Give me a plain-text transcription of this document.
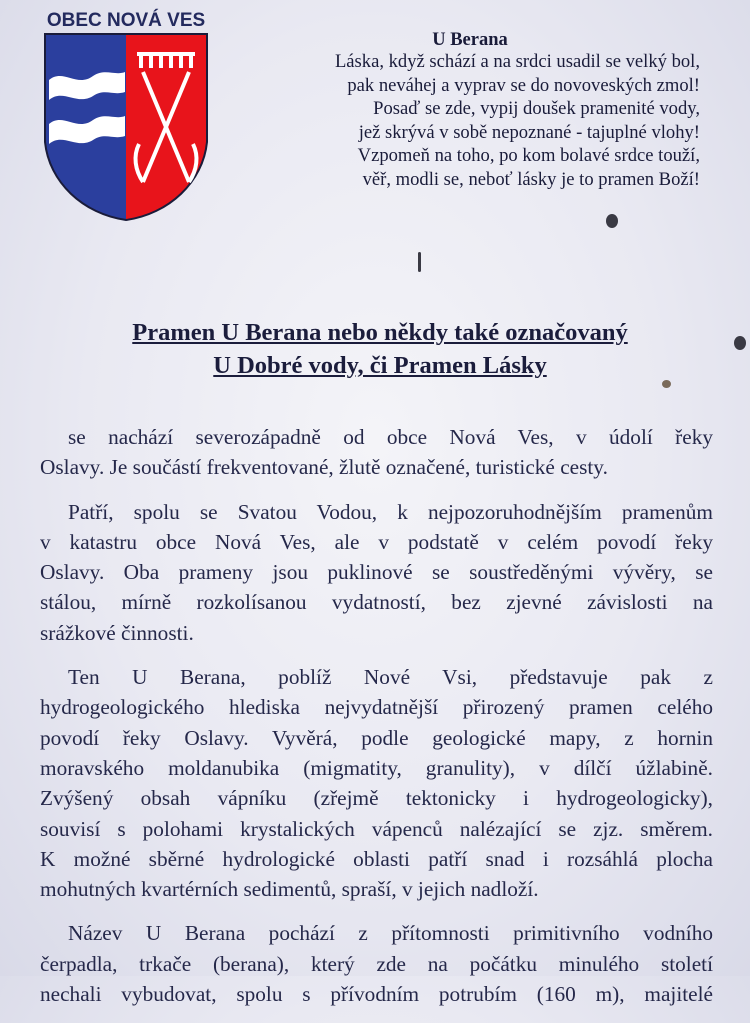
OBEC NOVÁ VES
U Berana
Láska, když schází a na srdci usadil se velký bol,
pak neváhej a vyprav se do novoveských zmol!
Posaď se zde, vypij doušek pramenité vody,
jež skrývá v sobě nepoznané - tajuplné vlohy!
Vzpomeň na toho, po kom bolavé srdce touží,
věř, modli se, neboť lásky je to pramen Boží!
Pramen U Berana nebo někdy také označovaný
U Dobré vody, či Pramen Lásky
se nachází severozápadně od obce Nová Ves, v údolí řeky
Oslavy. Je součástí frekventované, žlutě označené, turistické cesty.
Patří, spolu se Svatou Vodou, k nejpozoruhodnějším pramenům
v katastru obce Nová Ves, ale v podstatě v celém povodí řeky
Oslavy. Oba prameny jsou puklinové se soustředěnými vývěry, se
stálou, mírně rozkolísanou vydatností, bez zjevné závislosti na
srážkové činnosti.
Ten U Berana, poblíž Nové Vsi, představuje pak z
hydrogeologického hlediska nejvydatnější přirozený pramen celého
povodí řeky Oslavy. Vyvěrá, podle geologické mapy, z hornin
moravského moldanubika (migmatity, granulity), v dílčí úžlabině.
Zvýšený obsah vápníku (zřejmě tektonicky i hydrogeologicky),
souvisí s polohami krystalických vápenců nalézající se zjz. směrem.
K možné sběrné hydrologické oblasti patří snad i rozsáhlá plocha
mohutných kvartérních sedimentů, spraší, v jejich nadloží.
Název U Berana pochází z přítomnosti primitivního vodního
čerpadla, trkače (berana), který zde na počátku minulého století
nechali vybudovat, spolu s přívodním potrubím (160 m), majitelé
